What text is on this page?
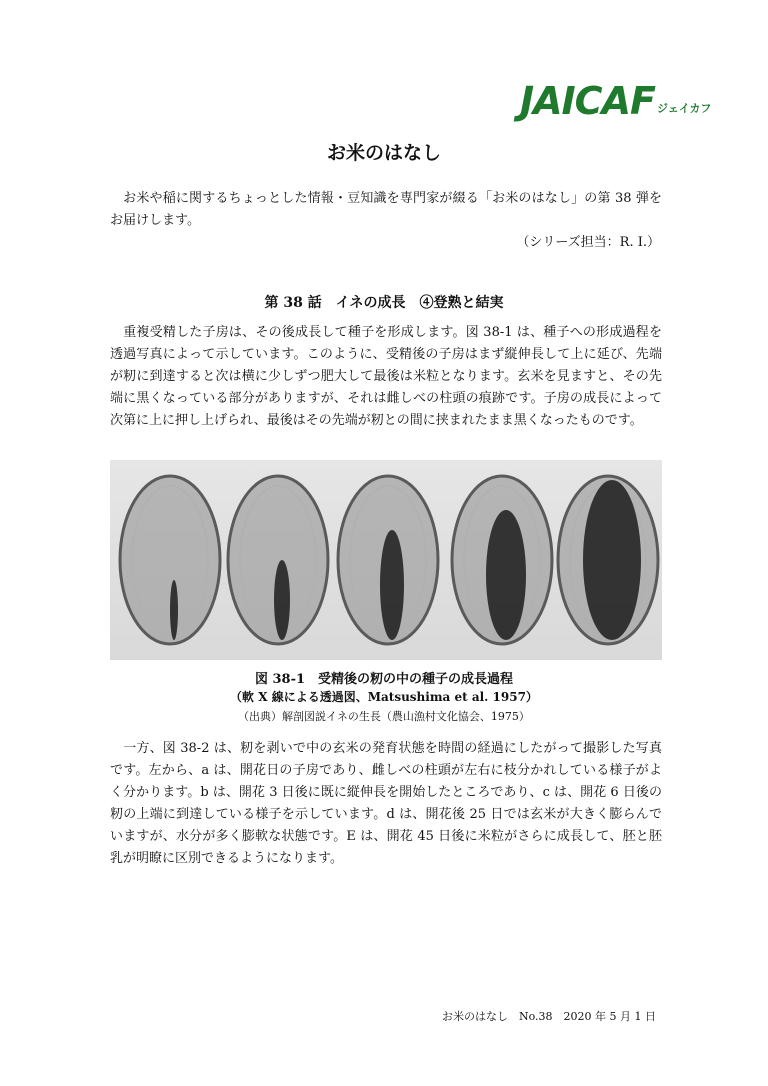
JAICAF ジェイカフ
お米のはなし

　お米や稲に関するちょっとした情報・豆知識を専門家が綴る「お米のはなし」の第 38 弾をお届けします。

（シリーズ担当：R. I.）
第 38 話　イネの成長　④登熟と結実

　重複受精した子房は、その後成長して種子を形成します。図 38-1 は、種子への形成過程を透過写真によって示しています。このように、受精後の子房はまず縦伸長して上に延び、先端が籾に到達すると次は横に少しずつ肥大して最後は米粒となります。玄米を見ますと、その先端に黒くなっている部分がありますが、それは雌しべの柱頭の痕跡です。子房の成長によって次第に上に押し上げられ、最後はその先端が籾との間に挟まれたまま黒くなったものです。

図 38-1　受精後の籾の中の種子の成長過程
（軟 X 線による透過図、Matsushima et al. 1957）
（出典）解剖図説イネの生長（農山漁村文化協会、1975）

　一方、図 38-2 は、籾を剥いで中の玄米の発育状態を時間の経過にしたがって撮影した写真です。左から、a は、開花日の子房であり、雌しべの柱頭が左右に枝分かれしている様子がよく分かります。b は、開花 3 日後に既に縦伸長を開始したところであり、c は、開花 6 日後の籾の上端に到達している様子を示しています。d は、開花後 25 日では玄米が大きく膨らんでいますが、水分が多く膨軟な状態です。E は、開花 45 日後に米粒がさらに成長して、胚と胚乳が明瞭に区別できるようになります。

お米のはなし　No.38　2020 年 5 月 1 日
